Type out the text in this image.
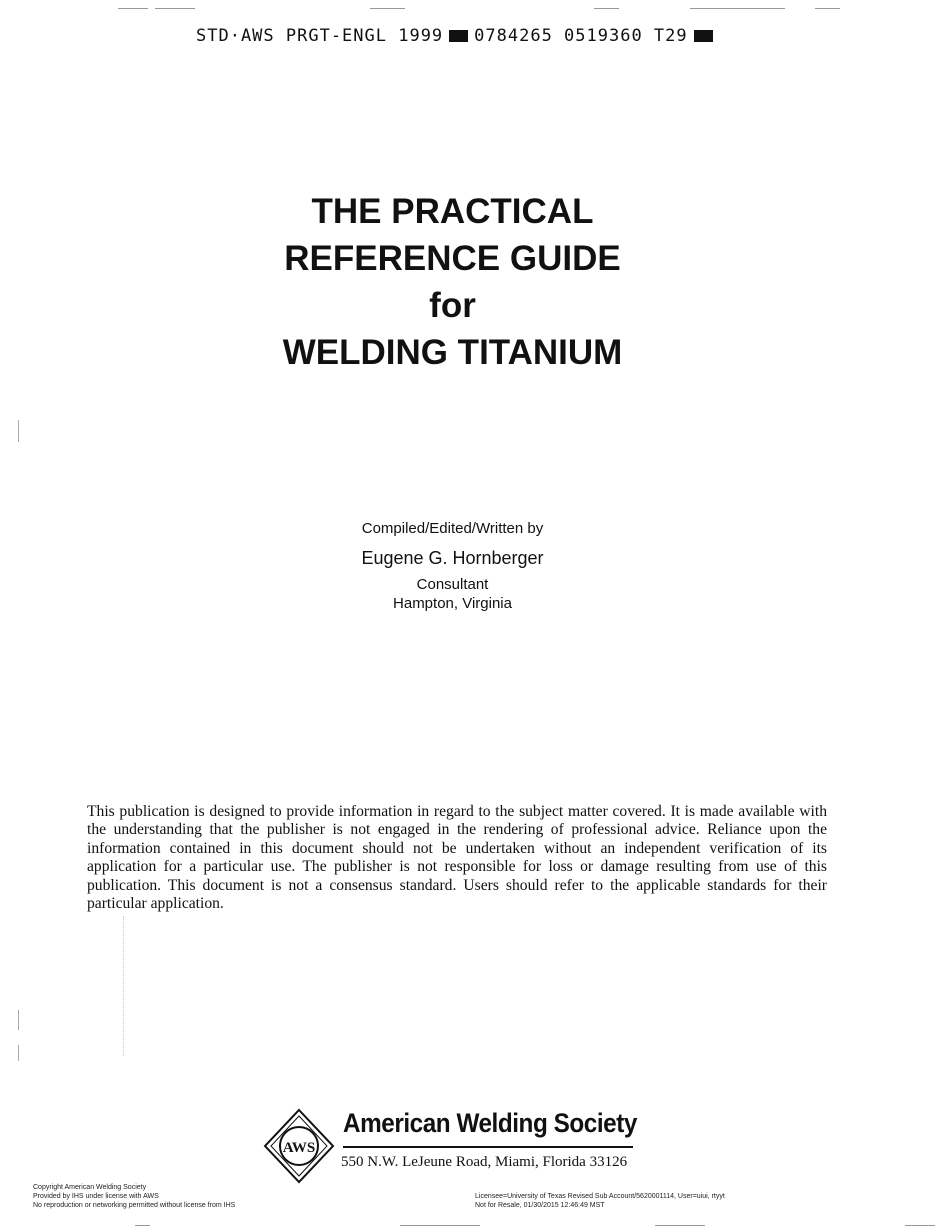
STD·AWS PRGT-ENGL 1999 0784265 0519360 T29
THE PRACTICAL
REFERENCE GUIDE
for
WELDING TITANIUM
Compiled/Edited/Written by
Eugene G. Hornberger
Consultant
Hampton, Virginia
This publication is designed to provide information in regard to the subject matter covered. It is made available with the understanding that the publisher is not engaged in the rendering of professional advice. Reliance upon the information contained in this document should not be undertaken without an independent verification of its application for a particular use. The publisher is not responsible for loss or damage resulting from use of this publication. This document is not a consensus standard. Users should refer to the applicable standards for their particular application.
AWS
American Welding Society
550 N.W. LeJeune Road, Miami, Florida 33126
Copyright American Welding Society
Provided by IHS under license with AWS
No reproduction or networking permitted without license from IHS
Licensee=University of Texas Revised Sub Account/5620001114, User=uiui, rtyyt
Not for Resale, 01/30/2015 12:46:49 MST
